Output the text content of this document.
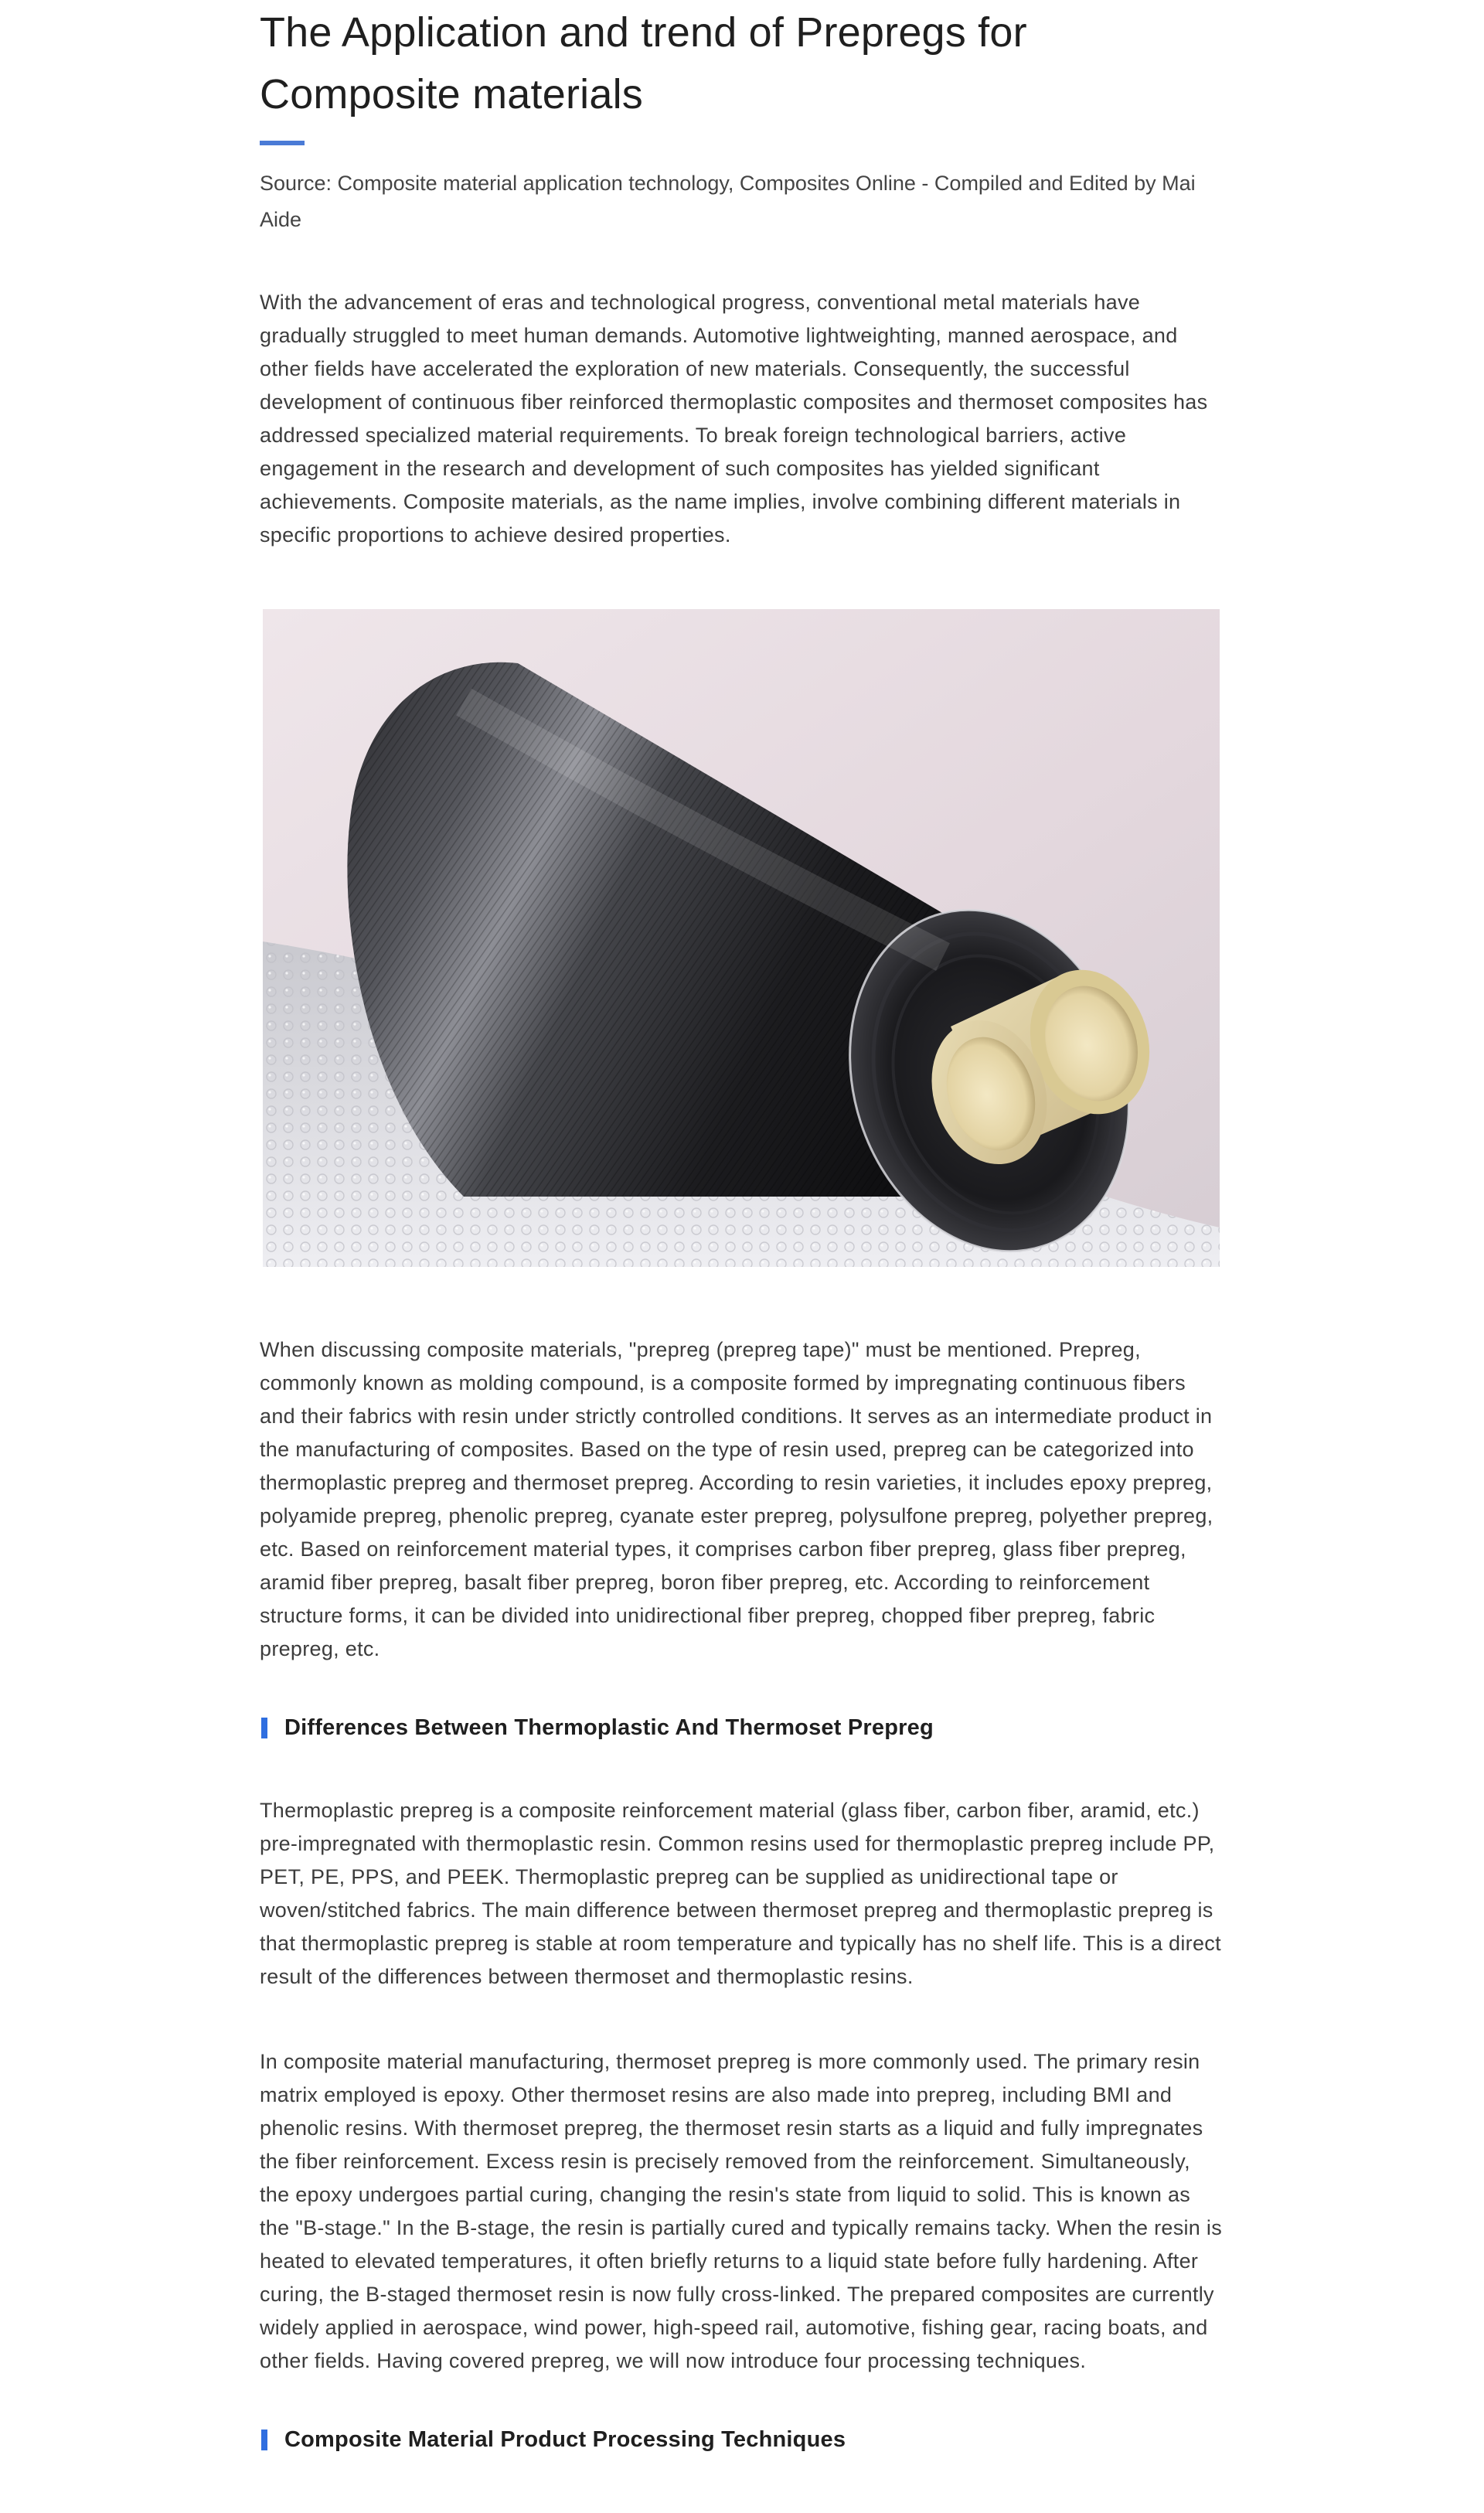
The Application and trend of Prepregs for Composite materials

Source: Composite material application technology, Composites Online - Compiled and Edited by Mai Aide

With the advancement of eras and technological progress, conventional metal materials have gradually struggled to meet human demands. Automotive lightweighting, manned aerospace, and other fields have accelerated the exploration of new materials. Consequently, the successful development of continuous fiber reinforced thermoplastic composites and thermoset composites has addressed specialized material requirements. To break foreign technological barriers, active engagement in the research and development of such composites has yielded significant achievements. Composite materials, as the name implies, involve combining different materials in specific proportions to achieve desired properties.

When discussing composite materials, "prepreg (prepreg tape)" must be mentioned. Prepreg, commonly known as molding compound, is a composite formed by impregnating continuous fibers and their fabrics with resin under strictly controlled conditions. It serves as an intermediate product in the manufacturing of composites. Based on the type of resin used, prepreg can be categorized into thermoplastic prepreg and thermoset prepreg. According to resin varieties, it includes epoxy prepreg, polyamide prepreg, phenolic prepreg, cyanate ester prepreg, polysulfone prepreg, polyether prepreg, etc. Based on reinforcement material types, it comprises carbon fiber prepreg, glass fiber prepreg, aramid fiber prepreg, basalt fiber prepreg, boron fiber prepreg, etc. According to reinforcement structure forms, it can be divided into unidirectional fiber prepreg, chopped fiber prepreg, fabric prepreg, etc.

Differences Between Thermoplastic And Thermoset Prepreg

Thermoplastic prepreg is a composite reinforcement material (glass fiber, carbon fiber, aramid, etc.) pre-impregnated with thermoplastic resin. Common resins used for thermoplastic prepreg include PP, PET, PE, PPS, and PEEK. Thermoplastic prepreg can be supplied as unidirectional tape or woven/stitched fabrics. The main difference between thermoset prepreg and thermoplastic prepreg is that thermoplastic prepreg is stable at room temperature and typically has no shelf life. This is a direct result of the differences between thermoset and thermoplastic resins.

In composite material manufacturing, thermoset prepreg is more commonly used. The primary resin matrix employed is epoxy. Other thermoset resins are also made into prepreg, including BMI and phenolic resins. With thermoset prepreg, the thermoset resin starts as a liquid and fully impregnates the fiber reinforcement. Excess resin is precisely removed from the reinforcement. Simultaneously, the epoxy undergoes partial curing, changing the resin's state from liquid to solid. This is known as the "B-stage." In the B-stage, the resin is partially cured and typically remains tacky. When the resin is heated to elevated temperatures, it often briefly returns to a liquid state before fully hardening. After curing, the B-staged thermoset resin is now fully cross-linked. The prepared composites are currently widely applied in aerospace, wind power, high-speed rail, automotive, fishing gear, racing boats, and other fields. Having covered prepreg, we will now introduce four processing techniques.

Composite Material Product Processing Techniques
